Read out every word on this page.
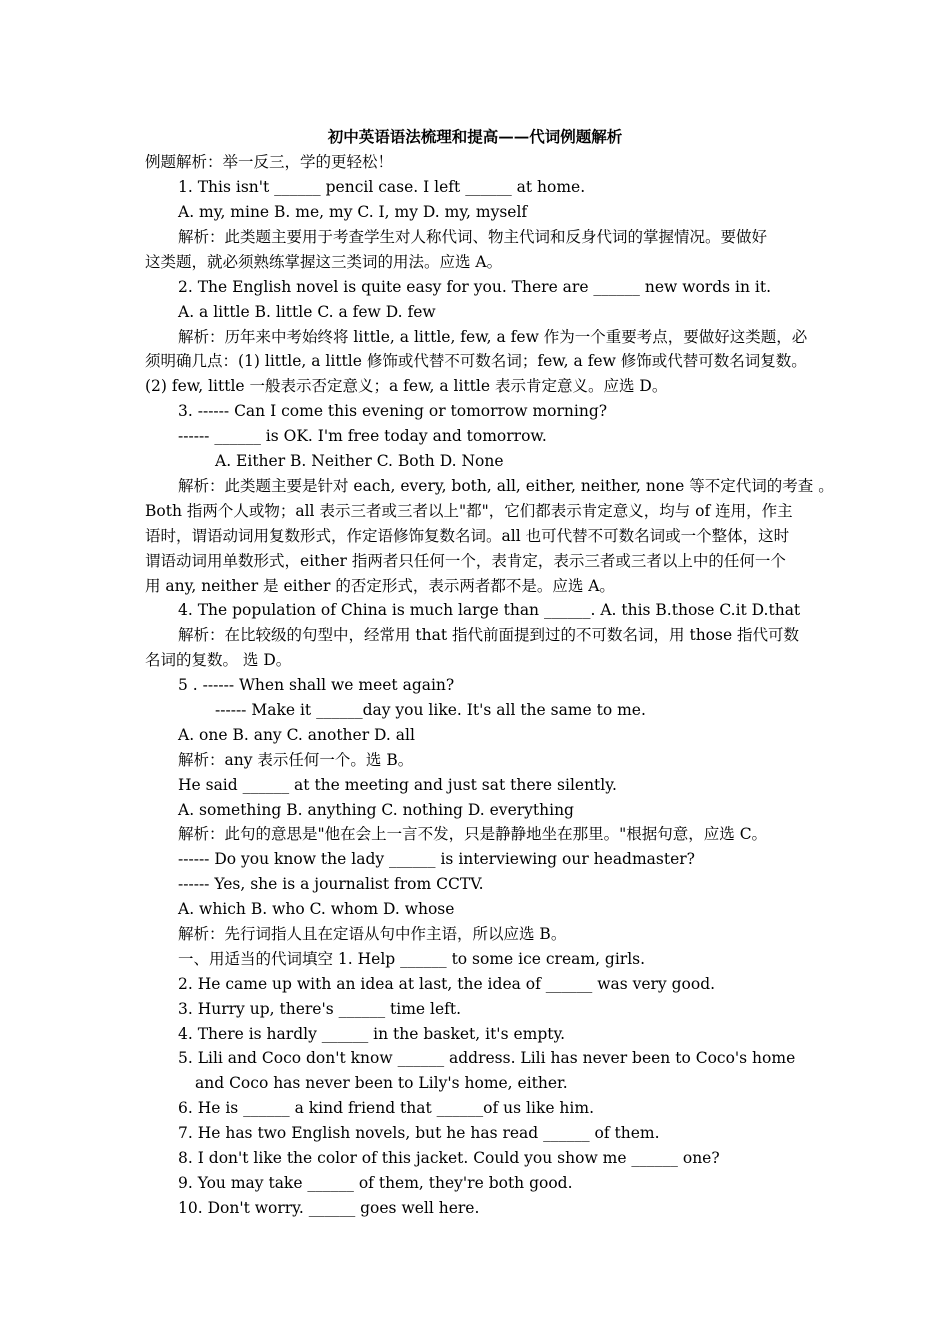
初中英语语法梳理和提高——代词例题解析
例题解析：举一反三，学的更轻松！
1. This isn't ______ pencil case. I left ______ at home.
A. my, mine B. me, my C. I, my D. my, myself
解析：此类题主要用于考查学生对人称代词、物主代词和反身代词的掌握情况。要做好
这类题，就必须熟练掌握这三类词的用法。应选 A。
2. The English novel is quite easy for you. There are ______ new words in it.
A. a little B. little C. a few D. few
解析：历年来中考始终将 little, a little, few, a few 作为一个重要考点，要做好这类题，必
须明确几点：(1) little, a little 修饰或代替不可数名词；few, a few 修饰或代替可数名词复数。
(2) few, little 一般表示否定意义；a few, a little 表示肯定意义。应选 D。
3. ------ Can I come this evening or tomorrow morning?
------ ______ is OK. I'm free today and tomorrow.
A. Either B. Neither C. Both D. None
解析：此类题主要是针对 each, every, both, all, either, neither, none 等不定代词的考查 。
Both 指两个人或物；all 表示三者或三者以上"都"，它们都表示肯定意义，均与 of 连用，作主
语时，谓语动词用复数形式，作定语修饰复数名词。all 也可代替不可数名词或一个整体，这时
谓语动词用单数形式，either 指两者只任何一个，表肯定，表示三者或三者以上中的任何一个
用 any, neither 是 either 的否定形式，表示两者都不是。应选 A。
4. The population of China is much large than ______. A. this B.those C.it D.that
解析：在比较级的句型中，经常用 that 指代前面提到过的不可数名词，用 those 指代可数
名词的复数。 选 D。
5 . ------ When shall we meet again?
------ Make it ______day you like. It's all the same to me.
A. one B. any C. another D. all
解析：any 表示任何一个。选 B。
He said ______ at the meeting and just sat there silently.
A. something B. anything C. nothing D. everything
解析：此句的意思是"他在会上一言不发，只是静静地坐在那里。"根据句意，应选 C。
------ Do you know the lady ______ is interviewing our headmaster?
------ Yes, she is a journalist from CCTV.
A. which B. who C. whom D. whose
解析：先行词指人且在定语从句中作主语，所以应选 B。
一、用适当的代词填空 1. Help ______ to some ice cream, girls.
2. He came up with an idea at last, the idea of ______ was very good.
3. Hurry up, there's ______ time left.
4. There is hardly ______ in the basket, it's empty.
5. Lili and Coco don't know ______ address. Lili has never been to Coco's home
and Coco has never been to Lily's home, either.
6. He is ______ a kind friend that ______of us like him.
7. He has two English novels, but he has read ______ of them.
8. I don't like the color of this jacket. Could you show me ______ one?
9. You may take ______ of them, they're both good.
10. Don't worry. ______ goes well here.
